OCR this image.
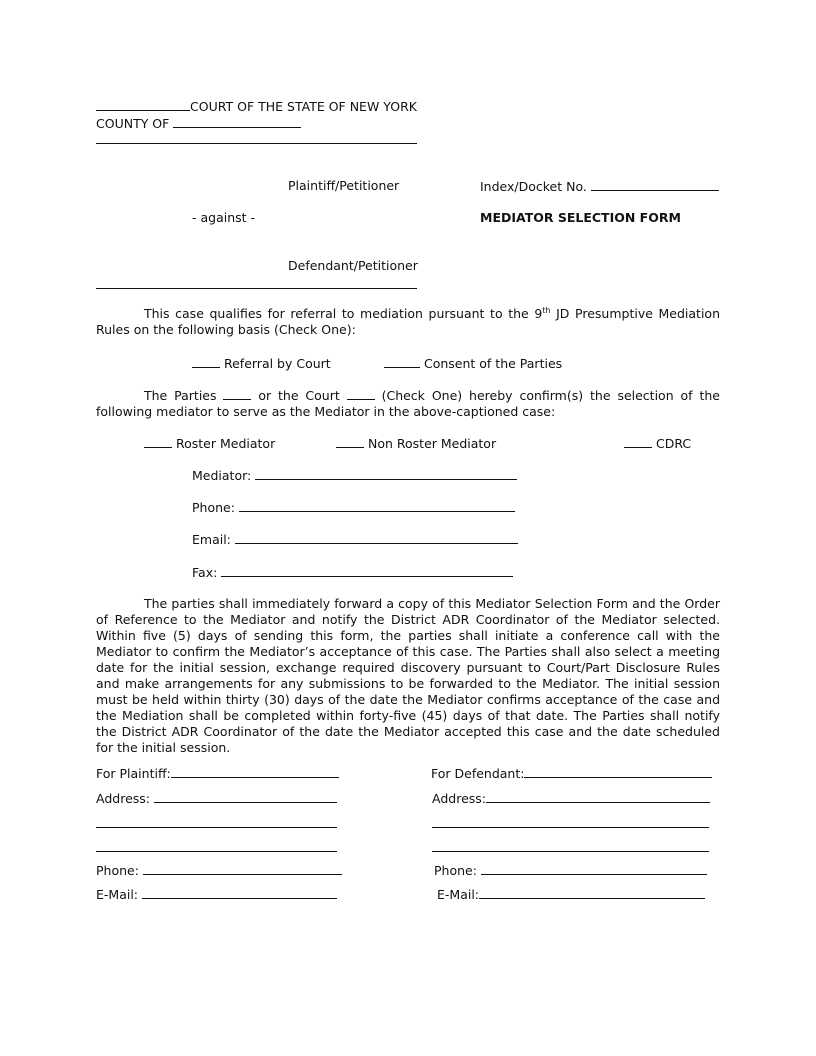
COURT OF THE STATE OF NEW YORK
COUNTY OF
Plaintiff/Petitioner	Index/Docket No.
- against -	MEDIATOR SELECTION FORM
Defendant/Petitioner
This case qualifies for referral to mediation pursuant to the 9th JD Presumptive Mediation Rules on the following basis (Check One):
Referral by Court	Consent of the Parties
The Parties	or the Court	(Check One) hereby confirm(s) the selection of the following mediator to serve as the Mediator in the above-captioned case:
Roster Mediator	Non Roster Mediator	CDRC
Mediator:
Phone:
Email:
Fax:
The parties shall immediately forward a copy of this Mediator Selection Form and the Order of Reference to the Mediator and notify the District ADR Coordinator of the Mediator selected. Within five (5) days of sending this form, the parties shall initiate a conference call with the Mediator to confirm the Mediator’s acceptance of this case. The Parties shall also select a meeting date for the initial session, exchange required discovery pursuant to Court/Part Disclosure Rules and make arrangements for any submissions to be forwarded to the Mediator. The initial session must be held within thirty (30) days of the date the Mediator confirms acceptance of the case and the Mediation shall be completed within forty-five (45) days of that date. The Parties shall notify the District ADR Coordinator of the date the Mediator accepted this case and the date scheduled for the initial session.
For Plaintiff:
Address:
Phone:
E-Mail:
For Defendant:
Address:
Phone:
E-Mail:
